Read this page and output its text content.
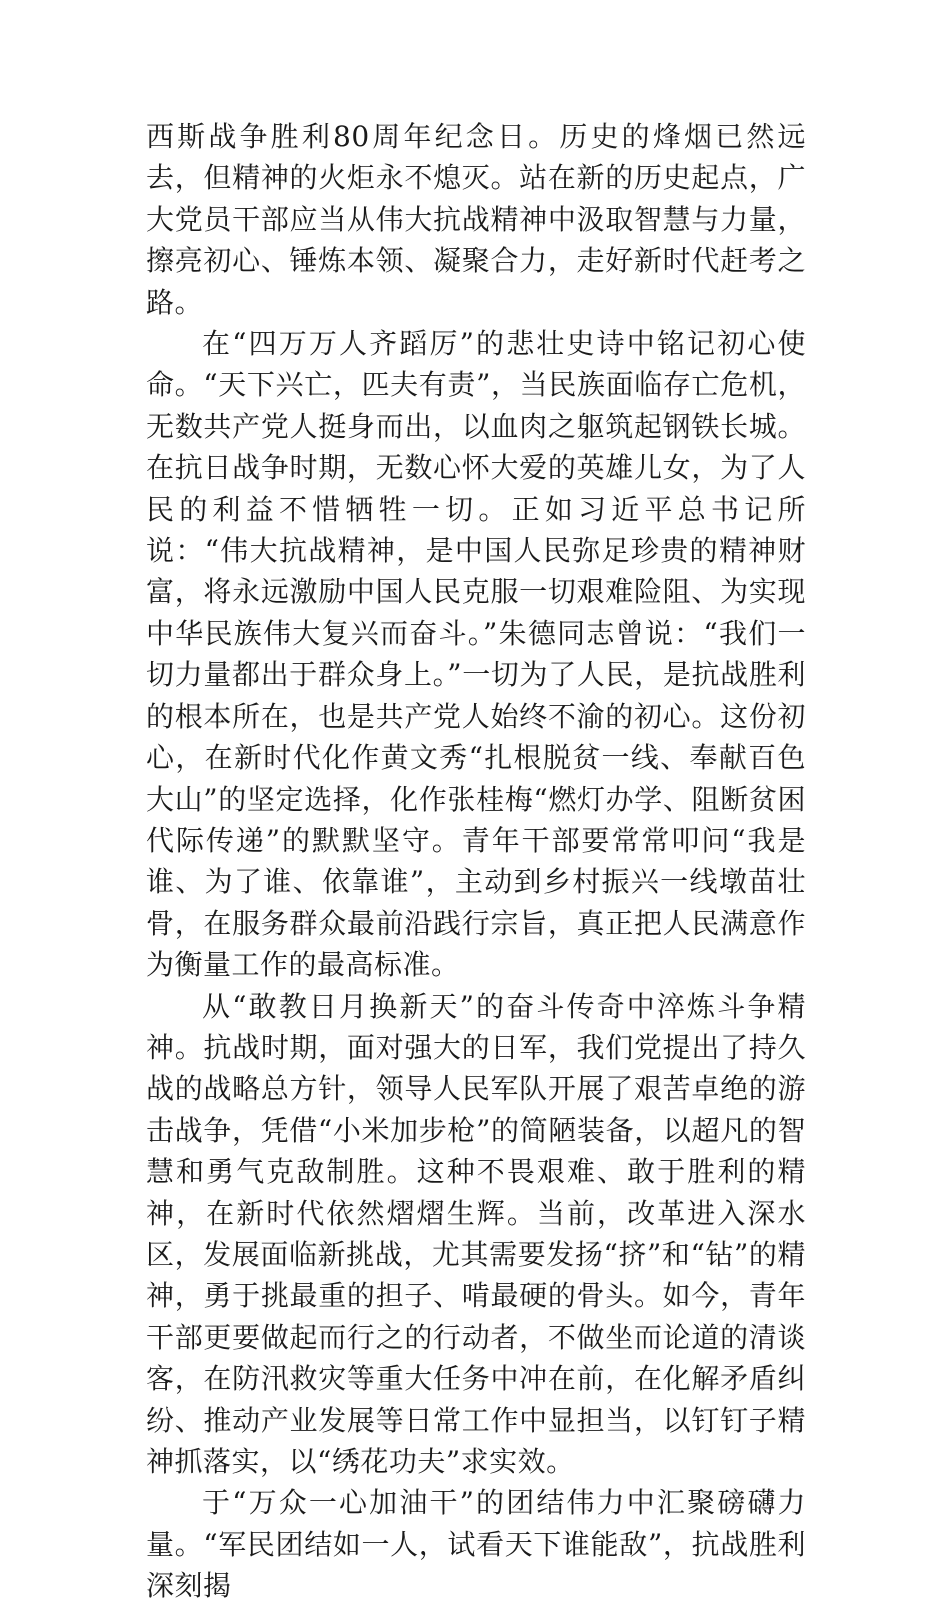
西斯战争胜利80周年纪念日。历史的烽烟已然远去，但精神的火炬永不熄灭。站在新的历史起点，广大党员干部应当从伟大抗战精神中汲取智慧与力量，擦亮初心、锤炼本领、凝聚合力，走好新时代赶考之路。

在“四万万人齐蹈厉”的悲壮史诗中铭记初心使命。“天下兴亡，匹夫有责”，当民族面临存亡危机，无数共产党人挺身而出，以血肉之躯筑起钢铁长城。在抗日战争时期，无数心怀大爱的英雄儿女，为了人民的利益不惜牺牲一切。正如习近平总书记所说：“伟大抗战精神，是中国人民弥足珍贵的精神财富，将永远激励中国人民克服一切艰难险阻、为实现中华民族伟大复兴而奋斗。”朱德同志曾说：“我们一切力量都出于群众身上。”一切为了人民，是抗战胜利的根本所在，也是共产党人始终不渝的初心。这份初心，在新时代化作黄文秀“扎根脱贫一线、奉献百色大山”的坚定选择，化作张桂梅“燃灯办学、阻断贫困代际传递”的默默坚守。青年干部要常常叩问“我是谁、为了谁、依靠谁”，主动到乡村振兴一线墩苗壮骨，在服务群众最前沿践行宗旨，真正把人民满意作为衡量工作的最高标准。

从“敢教日月换新天”的奋斗传奇中淬炼斗争精神。抗战时期，面对强大的日军，我们党提出了持久战的战略总方针，领导人民军队开展了艰苦卓绝的游击战争，凭借“小米加步枪”的简陋装备，以超凡的智慧和勇气克敌制胜。这种不畏艰难、敢于胜利的精神，在新时代依然熠熠生辉。当前，改革进入深水区，发展面临新挑战，尤其需要发扬“挤”和“钻”的精神，勇于挑最重的担子、啃最硬的骨头。如今，青年干部更要做起而行之的行动者，不做坐而论道的清谈客，在防汛救灾等重大任务中冲在前，在化解矛盾纠纷、推动产业发展等日常工作中显担当，以钉钉子精神抓落实，以“绣花功夫”求实效。

于“万众一心加油干”的团结伟力中汇聚磅礴力量。“军民团结如一人，试看天下谁能敌”，抗战胜利深刻揭
